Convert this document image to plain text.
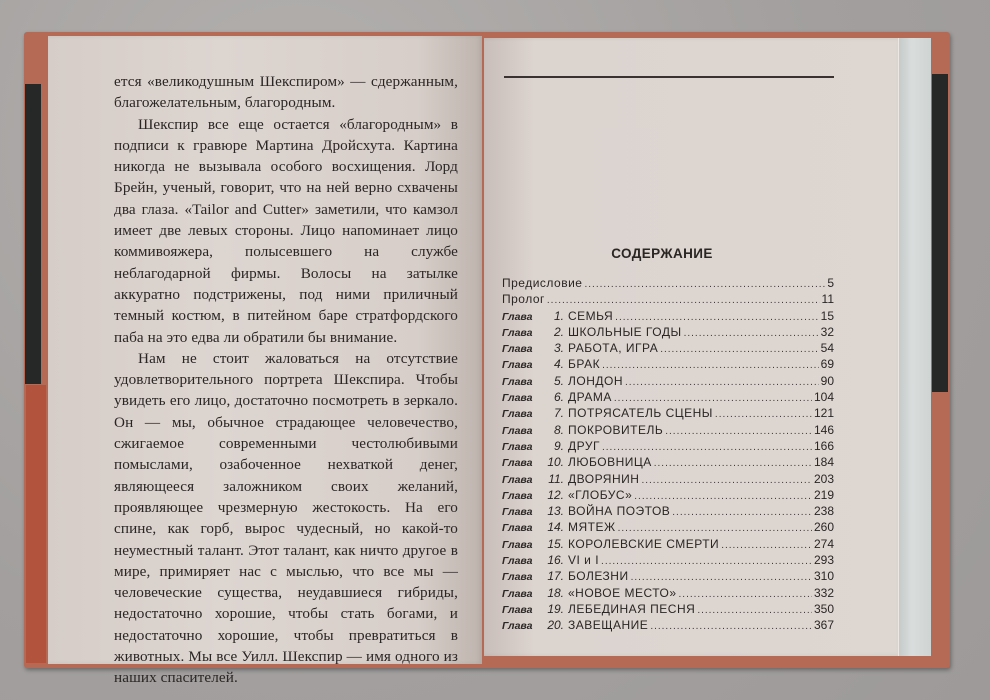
ется «великодушным Шекспиром» — сдержанным, благожелательным, благородным.

Шекспир все еще остается «благородным» в подписи к гравюре Мартина Дройсхута. Картина никогда не вызывала особого восхищения. Лорд Брейн, ученый, говорит, что на ней верно схвачены два глаза. «Tailor and Cutter» заметили, что камзол имеет две левых стороны. Лицо напоминает лицо коммивояжера, полысевшего на службе неблагодарной фирмы. Волосы на затылке аккуратно подстрижены, под ними приличный темный костюм, в питейном баре стратфордского паба на это едва ли обратили бы внимание.

Нам не стоит жаловаться на отсутствие удовлетворительного портрета Шекспира. Чтобы увидеть его лицо, достаточно посмотреть в зеркало. Он — мы, обычное страдающее человечество, сжигаемое современными честолюбивыми помыслами, озабоченное нехваткой денег, являющееся заложником своих желаний, проявляющее чрезмерную жестокость. На его спине, как горб, вырос чудесный, но какой-то неуместный талант. Этот талант, как ничто другое в мире, примиряет нас с мыслью, что все мы — человеческие существа, неудавшиеся гибриды, недостаточно хорошие, чтобы стать богами, и недостаточно хорошие, чтобы превратиться в животных. Мы все Уилл. Шекспир — имя одного из наших спасителей.

СОДЕРЖАНИЕ
Предисловие .....	5
Пролог .....	11
Глава	1. СЕМЬЯ .....	15
Глава	2. ШКОЛЬНЫЕ ГОДЫ .....	32
Глава	3. РАБОТА, ИГРА .....	54
Глава	4. БРАК .....	69
Глава	5. ЛОНДОН .....	90
Глава	6. ДРАМА .....	104
Глава	7. ПОТРЯСАТЕЛЬ СЦЕНЫ .....	121
Глава	8. ПОКРОВИТЕЛЬ .....	146
Глава	9. ДРУГ .....	166
Глава	10. ЛЮБОВНИЦА .....	184
Глава	11. ДВОРЯНИН .....	203
Глава	12. «ГЛОБУС» .....	219
Глава	13. ВОЙНА ПОЭТОВ .....	238
Глава	14. МЯТЕЖ .....	260
Глава	15. КОРОЛЕВСКИЕ СМЕРТИ .....	274
Глава	16. VI и I .....	293
Глава	17. БОЛЕЗНИ .....	310
Глава	18. «НОВОЕ МЕСТО» .....	332
Глава	19. ЛЕБЕДИНАЯ ПЕСНЯ .....	350
Глава	20. ЗАВЕЩАНИЕ .....	367
